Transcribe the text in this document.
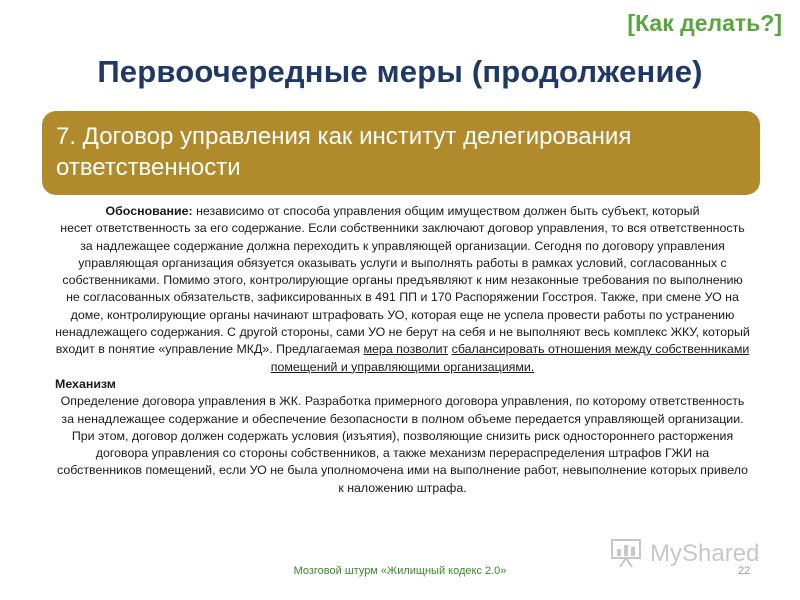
[Как делать?]
Первоочередные меры (продолжение)
7. Договор управления как институт делегирования ответственности

Обоснование: независимо от способа управления общим имуществом должен быть субъект, который

несет ответственность за его содержание. Если собственники заключают договор управления, то вся ответственность за надлежащее содержание должна переходить к управляющей организации. Сегодня по договору управления управляющая организация обязуется оказывать услуги и выполнять работы в рамках условий, согласованных с собственниками. Помимо этого, контролирующие органы предъявляют к ним незаконные требования по выполнению не согласованных обязательств, зафиксированных в 491 ПП и 170 Распоряжении Госстроя. Также, при смене УО на доме, контролирующие органы начинают штрафовать УО, которая еще не успела провести работы по устранению ненадлежащего содержания. С другой стороны, сами УО не берут на себя и не выполняют весь комплекс ЖКУ, который входит в понятие «управление МКД». Предлагаемая мера позволит сбалансировать отношения между собственниками помещений и управляющими организациями.

Механизм

Определение договора управления в ЖК. Разработка примерного договора управления, по которому ответственность за ненадлежащее содержание и обеспечение безопасности в полном объеме передается управляющей организации. При этом, договор должен содержать условия (изъятия), позволяющие снизить риск одностороннего расторжения договора управления со стороны собственников, а также механизм перераспределения штрафов ГЖИ на собственников помещений, если УО не была уполномочена ими на выполнение работ, невыполнение которых привело к наложению штрафа.

MyShared
Мозговой штурм «Жилищный кодекс 2.0»	22
